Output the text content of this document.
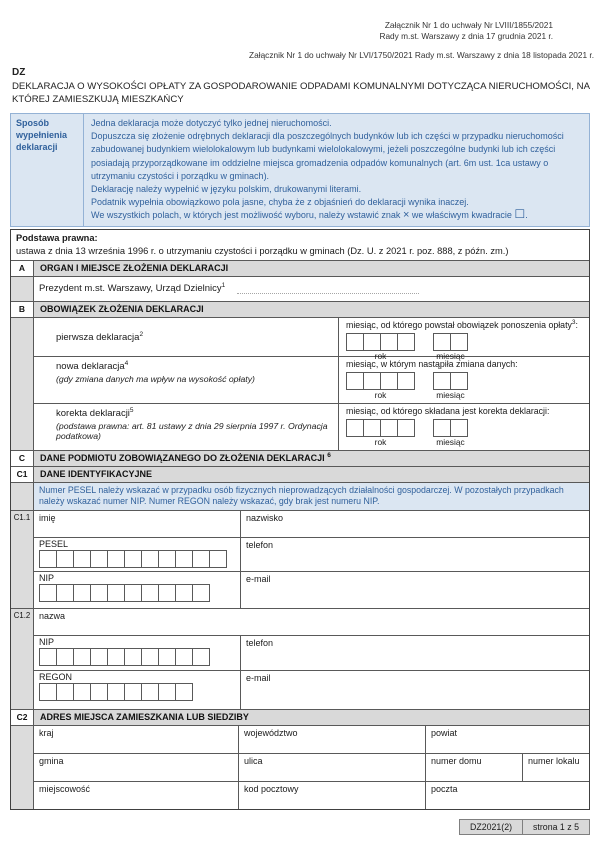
Załącznik Nr 1 do uchwały Nr LVIII/1855/2021
Rady m.st. Warszawy z dnia 17 grudnia 2021 r.
Załącznik Nr 1 do uchwały Nr LVI/1750/2021 Rady m.st. Warszawy z dnia 18 listopada 2021 r.
DZ
DEKLARACJA O WYSOKOŚCI OPŁATY ZA GOSPODAROWANIE ODPADAMI KOMUNALNYMI DOTYCZĄCA NIERUCHOMOŚCI, NA KTÓREJ ZAMIESZKUJĄ MIESZKAŃCY
Sposób wypełnienia deklaracji
Jedna deklaracja może dotyczyć tylko jednej nieruchomości.
Dopuszcza się złożenie odrębnych deklaracji dla poszczególnych budynków lub ich części w przypadku nieruchomości zabudowanej budynkiem wielolokalowym lub budynkami wielolokalowymi, jeżeli poszczególne budynki lub ich części posiadają przyporządkowane im oddzielne miejsca gromadzenia odpadów komunalnych (art. 6m ust. 1ca ustawy o utrzymaniu czystości i porządku w gminach).
Deklarację należy wypełnić w języku polskim, drukowanymi literami.
Podatnik wypełnia obowiązkowo pola jasne, chyba że z objaśnień do deklaracji wynika inaczej.
We wszystkich polach, w których jest możliwość wyboru, należy wstawić znak × we właściwym kwadracie ☐.
Podstawa prawna:
ustawa z dnia 13 września 1996 r. o utrzymaniu czystości i porządku w gminach (Dz. U. z 2021 r. poz. 888, z późn. zm.)
A	ORGAN I MIEJSCE ZŁOŻENIA DEKLARACJI
Prezydent m.st. Warszawy, Urząd Dzielnicy$^1$
B	OBOWIĄZEK ZŁOŻENIA DEKLARACJI
pierwsza deklaracja$^2$
miesiąc, od którego powstał obowiązek ponoszenia opłaty$^3$:
rok	miesiąc
nowa deklaracja$^4$
(gdy zmiana danych ma wpływ na wysokość opłaty)
miesiąc, w którym nastąpiła zmiana danych:
rok	miesiąc
korekta deklaracji$^5$
(podstawa prawna: art. 81 ustawy z dnia 29 sierpnia 1997 r. Ordynacja podatkowa)
miesiąc, od którego składana jest korekta deklaracji:
rok	miesiąc
C	DANE PODMIOTU ZOBOWIĄZANEGO DO ZŁOŻENIA DEKLARACJI $^6$
C1	DANE IDENTYFIKACYJNE
Numer PESEL należy wskazać w przypadku osób fizycznych nieprowadzących działalności gospodarczej. W pozostałych przypadkach należy wskazać numer NIP. Numer REGON należy wskazać, gdy brak jest numeru NIP.
C1.1 imię	nazwisko
PESEL	telefon
NIP	e-mail
C1.2 nazwa
NIP	telefon
REGON	e-mail
C2	ADRES MIEJSCA ZAMIESZKANIA LUB SIEDZIBY
kraj	województwo	powiat
gmina	ulica	numer domu	numer lokalu
miejscowość	kod pocztowy	poczta
DZ2021(2)	strona 1 z 5
